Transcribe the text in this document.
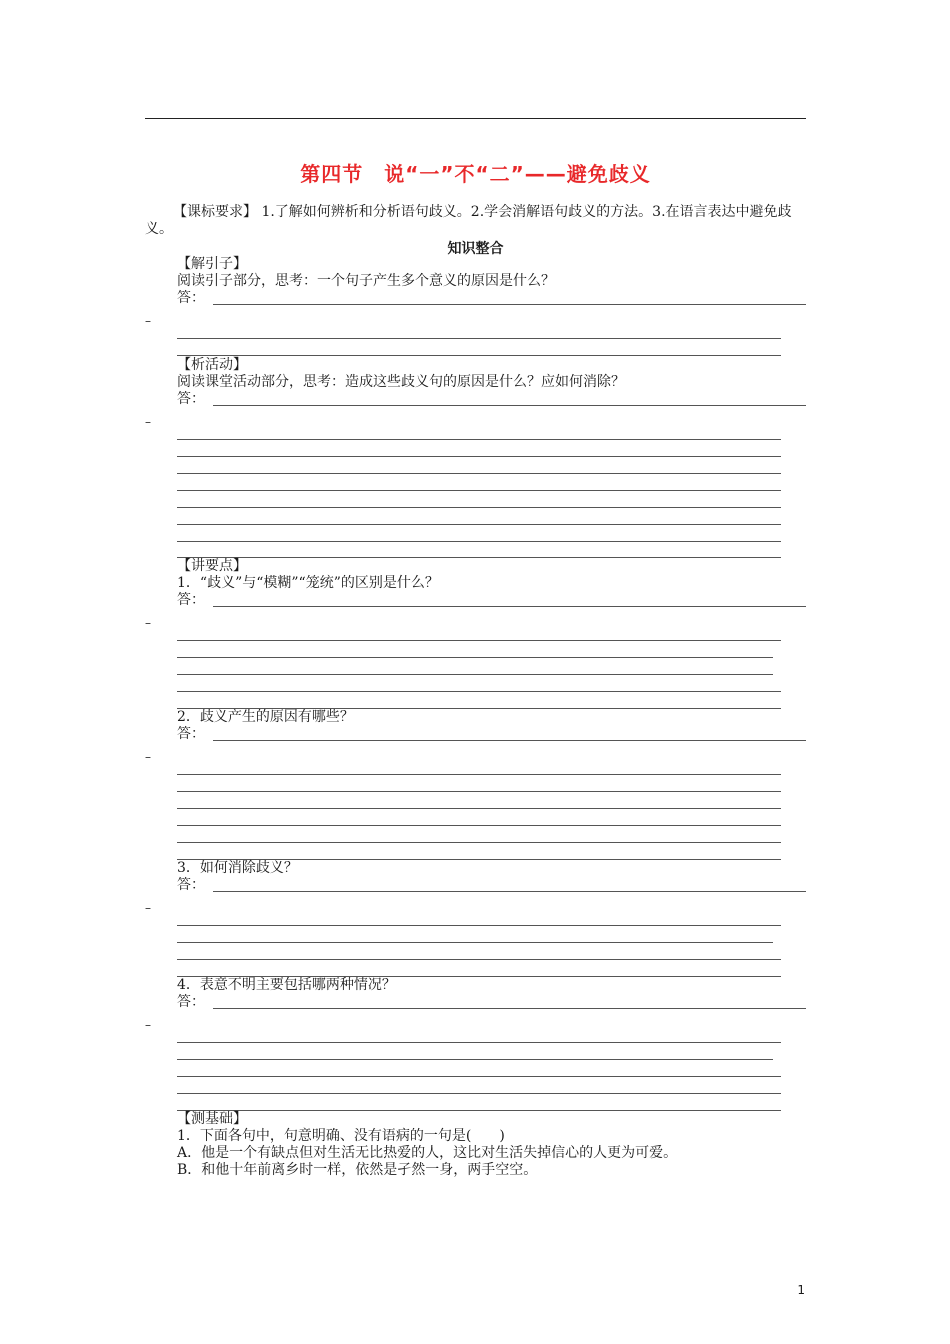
第四节　说“一”不“二”——避免歧义
【课标要求】 1.了解如何辨析和分析语句歧义。2.学会消解语句歧义的方法。3.在语言表达中避免歧义。
知识整合
【解引子】
阅读引子部分，思考：一个句子产生多个意义的原因是什么？
答：
–
【析活动】
阅读课堂活动部分，思考：造成这些歧义句的原因是什么？应如何消除？
答：
–
【讲要点】
1．“歧义”与“模糊”“笼统”的区别是什么？
答：
–
2．歧义产生的原因有哪些？
答：
–
3．如何消除歧义？
答：
–
4．表意不明主要包括哪两种情况？
答：
–
【测基础】
1．下面各句中，句意明确、没有语病的一句是(　　)
A．他是一个有缺点但对生活无比热爱的人，这比对生活失掉信心的人更为可爱。
B．和他十年前离乡时一样，依然是孑然一身，两手空空。
1
